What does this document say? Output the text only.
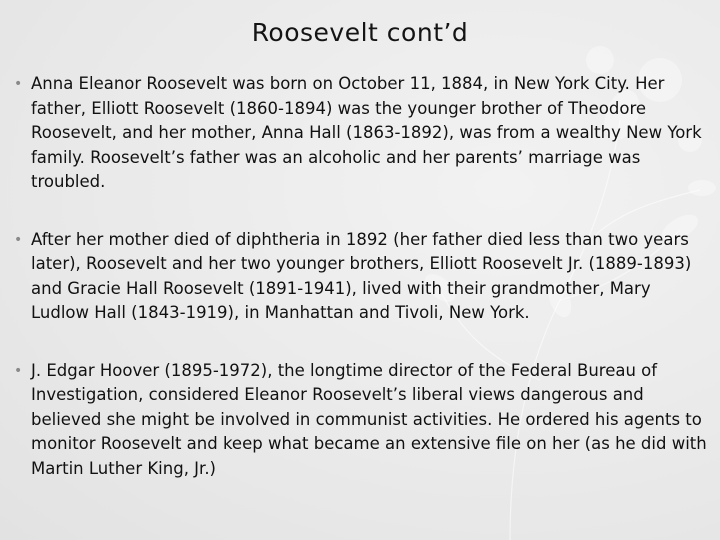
Roosevelt cont’d
• Anna Eleanor Roosevelt was born on October 11, 1884, in New York City. Her father, Elliott Roosevelt (1860-1894) was the younger brother of Theodore Roosevelt, and her mother, Anna Hall (1863-1892), was from a wealthy New York family. Roosevelt’s father was an alcoholic and her parents’ marriage was troubled.
• After her mother died of diphtheria in 1892 (her father died less than two years later), Roosevelt and her two younger brothers, Elliott Roosevelt Jr. (1889-1893) and Gracie Hall Roosevelt (1891-1941), lived with their grandmother, Mary Ludlow Hall (1843-1919), in Manhattan and Tivoli, New York.
• J. Edgar Hoover (1895-1972), the longtime director of the Federal Bureau of Investigation, considered Eleanor Roosevelt’s liberal views dangerous and believed she might be involved in communist activities. He ordered his agents to monitor Roosevelt and keep what became an extensive file on her (as he did with Martin Luther King, Jr.)
